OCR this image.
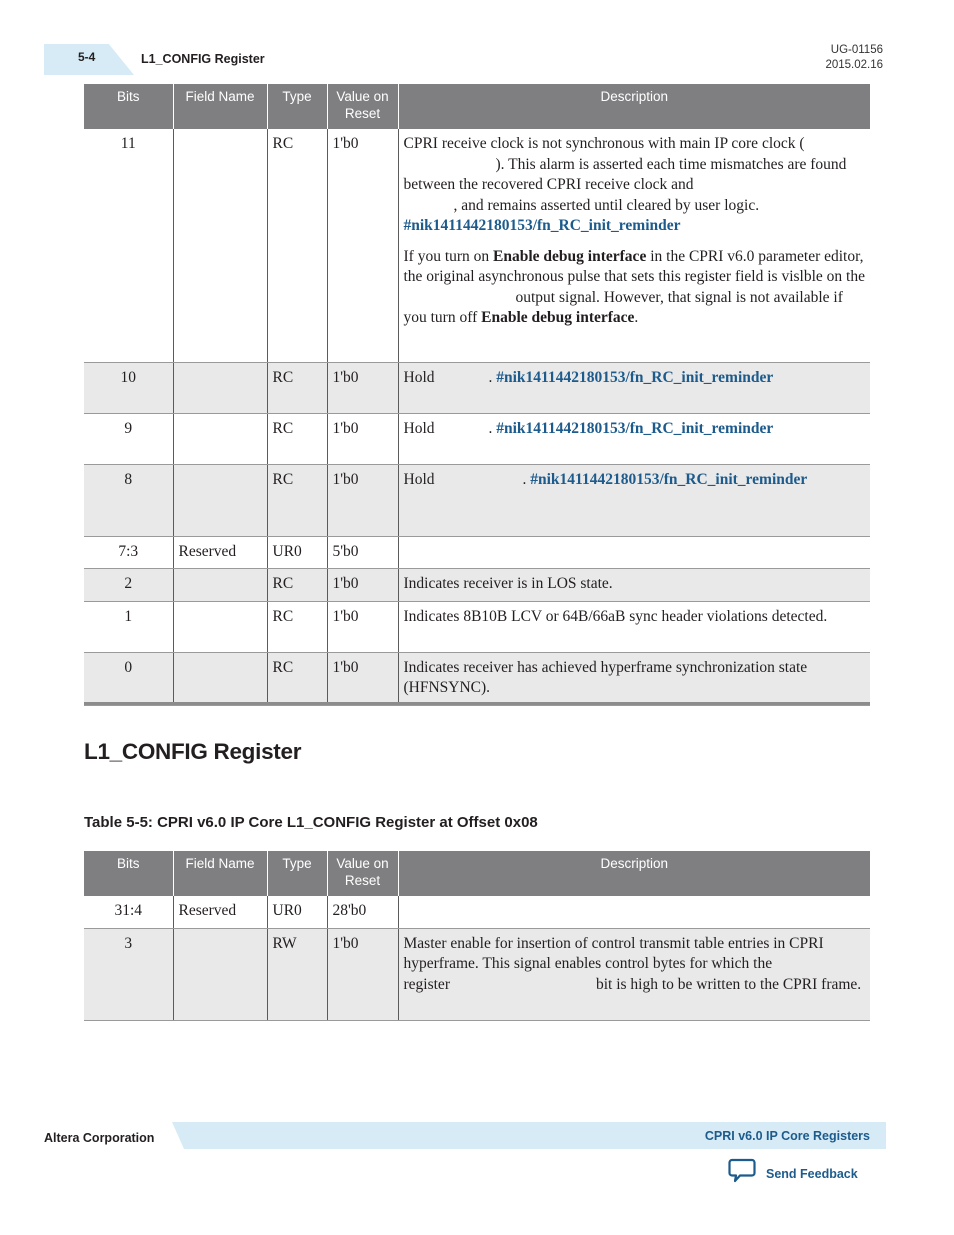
5-4	L1_CONFIG Register
UG-01156
2015.02.16
Bits	Field Name	Type	Value on Reset	Description
11		RC	1'b0	CPRI receive clock is not synchronous with main IP core clock (). This alarm is asserted each time mismatches are found between the recovered CPRI receive clock and
, and remains asserted until cleared by user logic.
#nik1411442180153/fn_RC_init_reminder
If you turn on Enable debug interface in the CPRI v6.0 parameter editor, the original asynchronous pulse that sets this register field is vislble on theoutput signal. However, that signal is not available if you turn off Enable debug interface.

10		RC	1'b0	Hold . #nik1411442180153/fn_RC_init_reminder
9		RC	1'b0	Hold . #nik1411442180153/fn_RC_init_reminder
8		RC	1'b0	Hold . #nik1411442180153/fn_RC_init_reminder
7:3	Reserved	UR0	5'b0	
2		RC	1'b0	Indicates receiver is in LOS state.
1		RC	1'b0	Indicates 8B10B LCV or 64B/66aB sync header violations detected.
0		RC	1'b0	Indicates receiver has achieved hyperframe synchronization state (HFNSYNC).
L1_CONFIG Register
Table 5-5: CPRI v6.0 IP Core L1_CONFIG Register at Offset 0x08
Bits	Field Name	Type	Value on Reset	Description
31:4	Reserved	UR0	28'b0	
3		RW	1'b0	Master enable for insertion of control transmit table entries in CPRI hyperframe. This signal enables control bytes for which theregister bit is high to be written to the CPRI frame.
Altera Corporation	CPRI v6.0 IP Core Registers
Send Feedback
